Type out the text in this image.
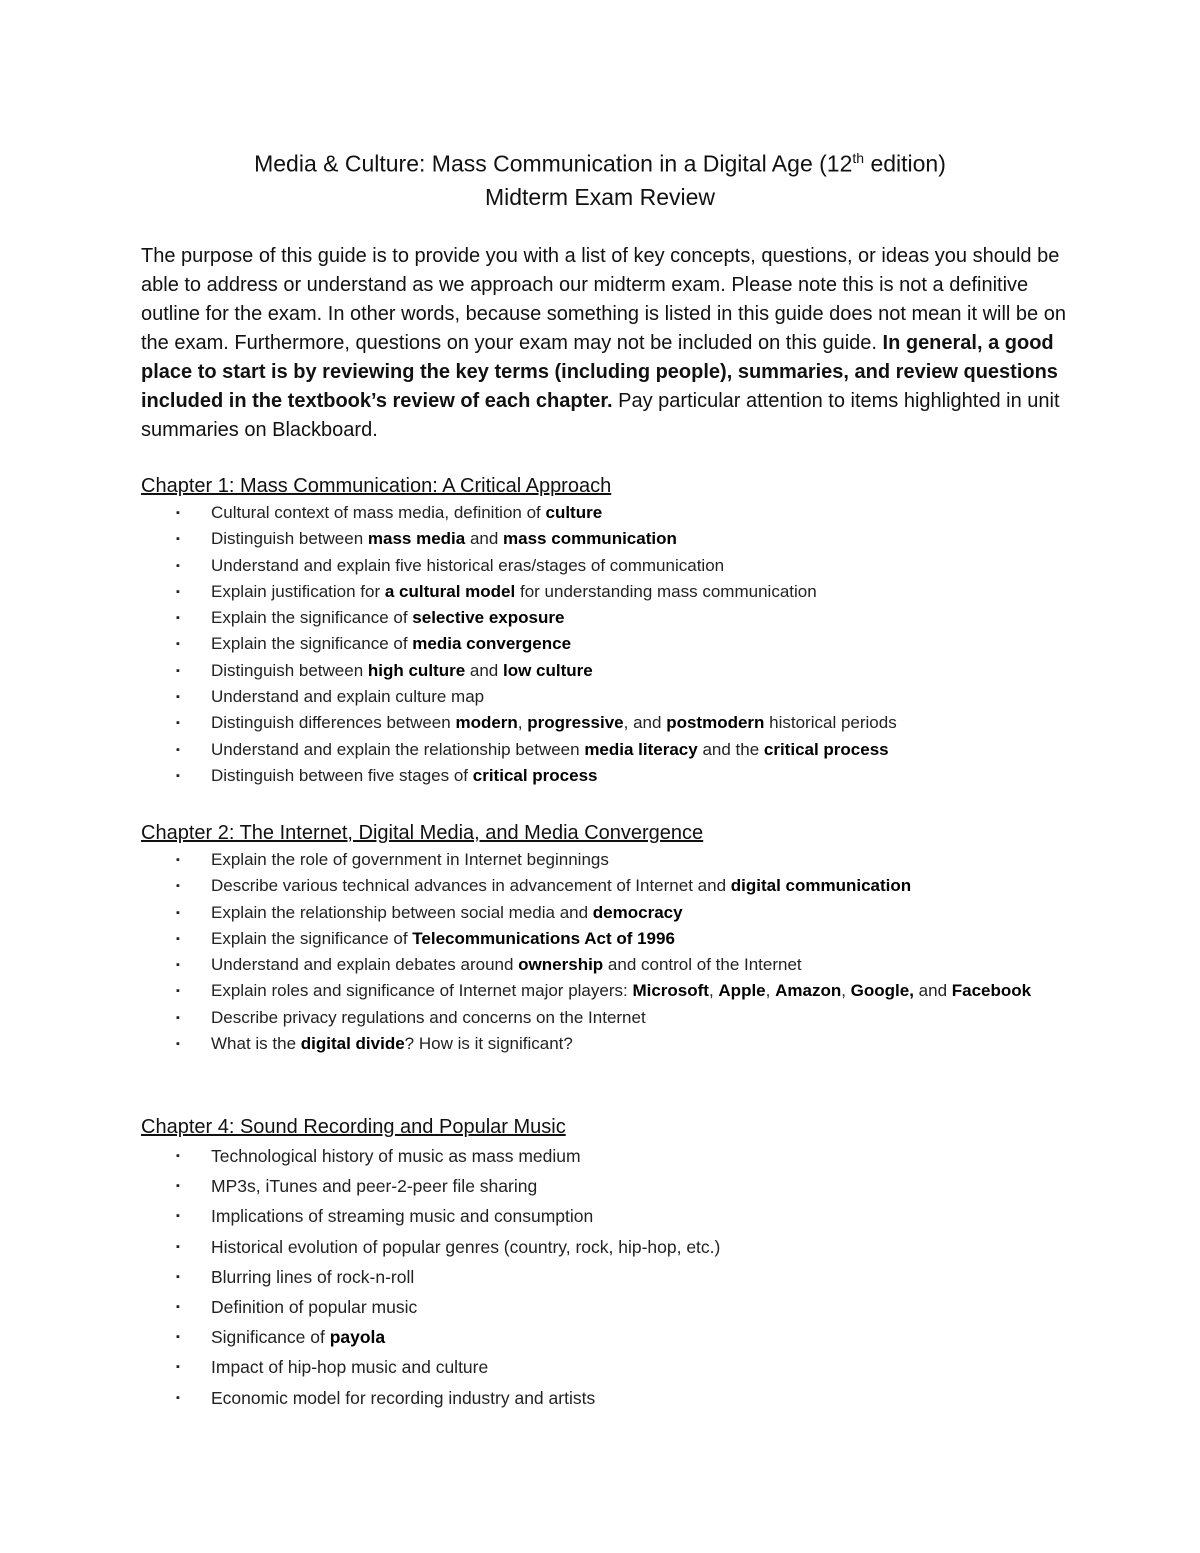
Media & Culture: Mass Communication in a Digital Age (12th edition)
Midterm Exam Review
The purpose of this guide is to provide you with a list of key concepts, questions, or ideas you should be able to address or understand as we approach our midterm exam. Please note this is not a definitive outline for the exam. In other words, because something is listed in this guide does not mean it will be on the exam. Furthermore, questions on your exam may not be included on this guide. In general, a good place to start is by reviewing the key terms (including people), summaries, and review questions included in the textbook’s review of each chapter. Pay particular attention to items highlighted in unit summaries on Blackboard.
Chapter 1: Mass Communication: A Critical Approach
▪ Cultural context of mass media, definition of culture
▪ Distinguish between mass media and mass communication
▪ Understand and explain five historical eras/stages of communication
▪ Explain justification for a cultural model for understanding mass communication
▪ Explain the significance of selective exposure
▪ Explain the significance of media convergence
▪ Distinguish between high culture and low culture
▪ Understand and explain culture map
▪ Distinguish differences between modern, progressive, and postmodern historical periods
▪ Understand and explain the relationship between media literacy and the critical process
▪ Distinguish between five stages of critical process
Chapter 2: The Internet, Digital Media, and Media Convergence
▪ Explain the role of government in Internet beginnings
▪ Describe various technical advances in advancement of Internet and digital communication
▪ Explain the relationship between social media and democracy
▪ Explain the significance of Telecommunications Act of 1996
▪ Understand and explain debates around ownership and control of the Internet
▪ Explain roles and significance of Internet major players: Microsoft, Apple, Amazon, Google, and Facebook
▪ Describe privacy regulations and concerns on the Internet
▪ What is the digital divide? How is it significant?
Chapter 4: Sound Recording and Popular Music
▪ Technological history of music as mass medium
▪ MP3s, iTunes and peer-2-peer file sharing
▪ Implications of streaming music and consumption
▪ Historical evolution of popular genres (country, rock, hip-hop, etc.)
▪ Blurring lines of rock-n-roll
▪ Definition of popular music
▪ Significance of payola
▪ Impact of hip-hop music and culture
▪ Economic model for recording industry and artists
